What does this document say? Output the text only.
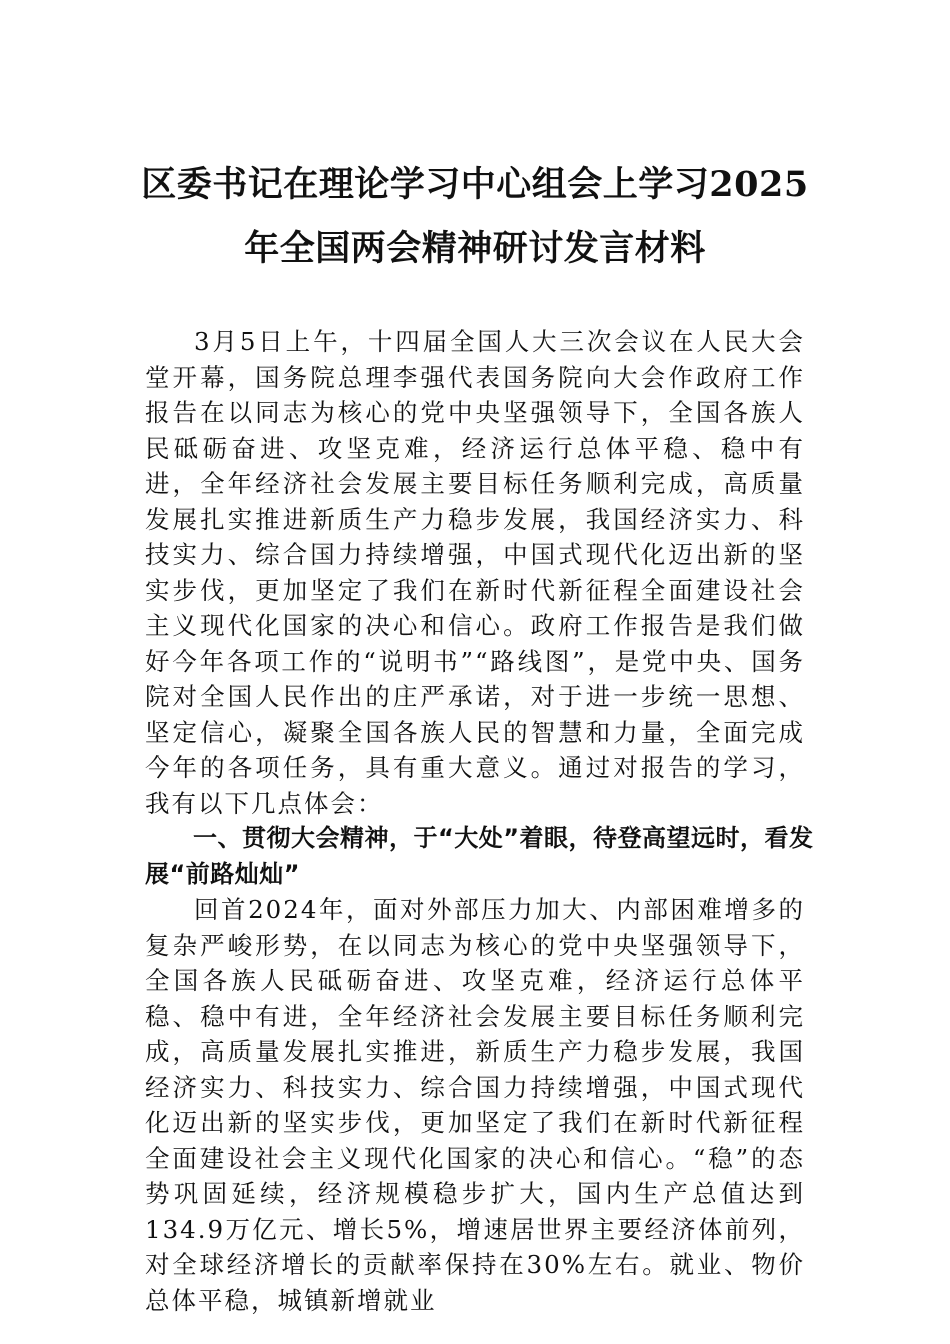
区委书记在理论学习中心组会上学习2025年全国两会精神研讨发言材料

3月5日上午，十四届全国人大三次会议在人民大会堂开幕，国务院总理李强代表国务院向大会作政府工作报告在以同志为核心的党中央坚强领导下，全国各族人民砥砺奋进、攻坚克难，经济运行总体平稳、稳中有进，全年经济社会发展主要目标任务顺利完成，高质量发展扎实推进新质生产力稳步发展，我国经济实力、科技实力、综合国力持续增强，中国式现代化迈出新的坚实步伐，更加坚定了我们在新时代新征程全面建设社会主义现代化国家的决心和信心。政府工作报告是我们做好今年各项工作的“说明书”“路线图”，是党中央、国务院对全国人民作出的庄严承诺，对于进一步统一思想、坚定信心，凝聚全国各族人民的智慧和力量，全面完成今年的各项任务，具有重大意义。通过对报告的学习，我有以下几点体会：

一、贯彻大会精神，于“大处”着眼，待登高望远时，看发展“前路灿灿”

回首2024年，面对外部压力加大、内部困难增多的复杂严峻形势，在以同志为核心的党中央坚强领导下，全国各族人民砥砺奋进、攻坚克难，经济运行总体平稳、稳中有进，全年经济社会发展主要目标任务顺利完成，高质量发展扎实推进，新质生产力稳步发展，我国经济实力、科技实力、综合国力持续增强，中国式现代化迈出新的坚实步伐，更加坚定了我们在新时代新征程全面建设社会主义现代化国家的决心和信心。“稳”的态势巩固延续，经济规模稳步扩大，国内生产总值达到134.9万亿元、增长5%，增速居世界主要经济体前列，对全球经济增长的贡献率保持在30%左右。就业、物价总体平稳，城镇新增就业
